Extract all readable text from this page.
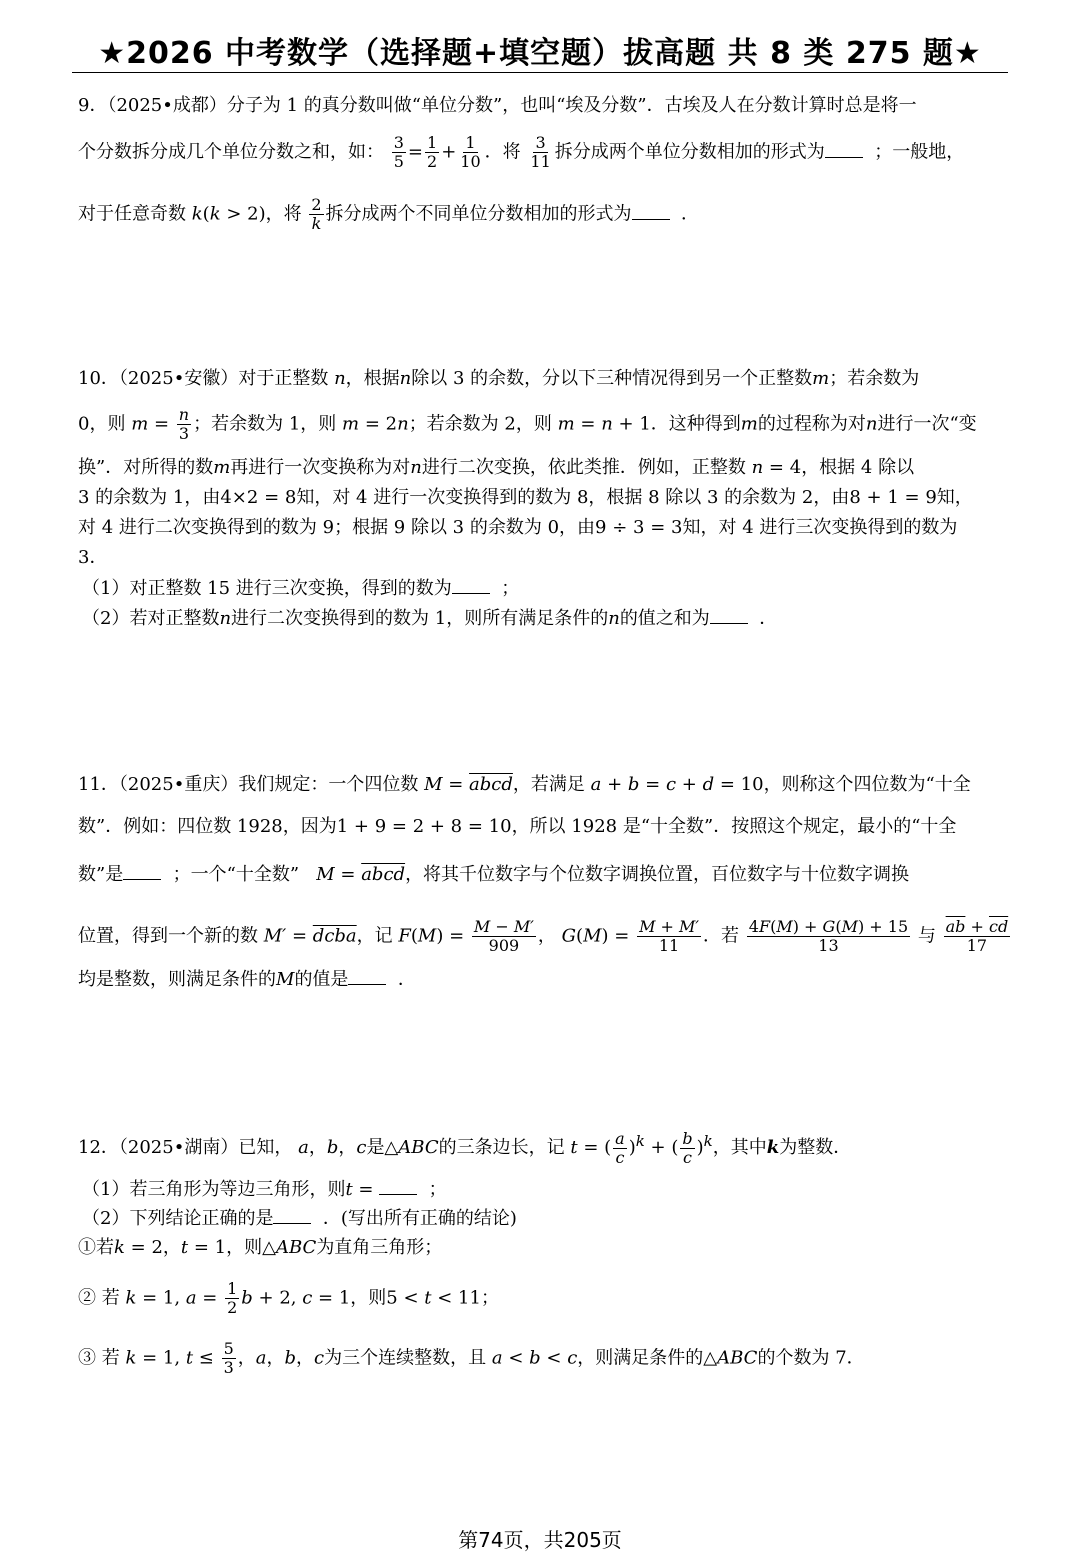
★2026 中考数学（选择题+填空题）拔高题 共 8 类 275 题★
9．（2025•成都）分子为 1 的真分数叫做“单位分数”，也叫“埃及分数”．古埃及人在分数计算时总是将一
个分数拆分成几个单位分数之和，如： $\frac{3}{5} = \frac{1}{2} + \frac{1}{10}$ ．将 $\frac{3}{11}$ 拆分成两个单位分数相加的形式为	；一般地，
对于任意奇数 k(k > 2)，将 $\frac{2}{k}$ 拆分成两个不同单位分数相加的形式为	．
10．（2025•安徽）对于正整数 n，根据n除以 3 的余数，分以下三种情况得到另一个正整数m；若余数为
0，则 $m = \frac{n}{3}$ ；若余数为 1，则 m = 2n；若余数为 2，则 m = n + 1．这种得到m的过程称为对n进行一次“变
换”．对所得的数m再进行一次变换称为对n进行二次变换，依此类推．例如，正整数 n = 4，根据 4 除以
3 的余数为 1，由4×2 = 8知，对 4 进行一次变换得到的数为 8，根据 8 除以 3 的余数为 2，由8 + 1 = 9知，
对 4 进行二次变换得到的数为 9；根据 9 除以 3 的余数为 0，由9 ÷ 3 = 3知，对 4 进行三次变换得到的数为
3．
（1）对正整数 15 进行三次变换，得到的数为	；
（2）若对正整数n进行二次变换得到的数为 1，则所有满足条件的n的值之和为	．
11．（2025•重庆）我们规定：一个四位数 M = abcd，若满足 a + b = c + d = 10，则称这个四位数为“十全
数”．例如：四位数 1928，因为1 + 9 = 2 + 8 = 10，所以 1928 是“十全数”．按照这个规定，最小的“十全
数”是	；一个“十全数” M = abcd，将其千位数字与个位数字调换位置，百位数字与十位数字调换
位置，得到一个新的数 M′ = dcba，记 $F(M) = \frac{M - M'}{909}$ ， $G(M) = \frac{M + M'}{11}$ ．若 $\frac{4F(M) + G(M) + 15}{13}$ 与 $\frac{\overline{ab} + \overline{cd}}{17}$
均是整数，则满足条件的M的值是	．
12．（2025•湖南）已知， a，b，c是△ABC的三条边长，记 t = ( $\frac{a}{c} )^k$ + ( $\frac{b}{c} )^k$，其中k为整数．
（1）若三角形为等边三角形，则t =	；
（2）下列结论正确的是	．(写出所有正确的结论)
①若k = 2，t = 1，则△ABC为直角三角形；
② 若 k = 1, $a = \frac{1}{2}$ b + 2, c = 1，则5 < t < 11；
③ 若 k = 1, $t \le \frac{5}{3}$ ，a，b，c为三个连续整数，且 a < b < c，则满足条件的△ABC的个数为 7．
第74页，共205页
